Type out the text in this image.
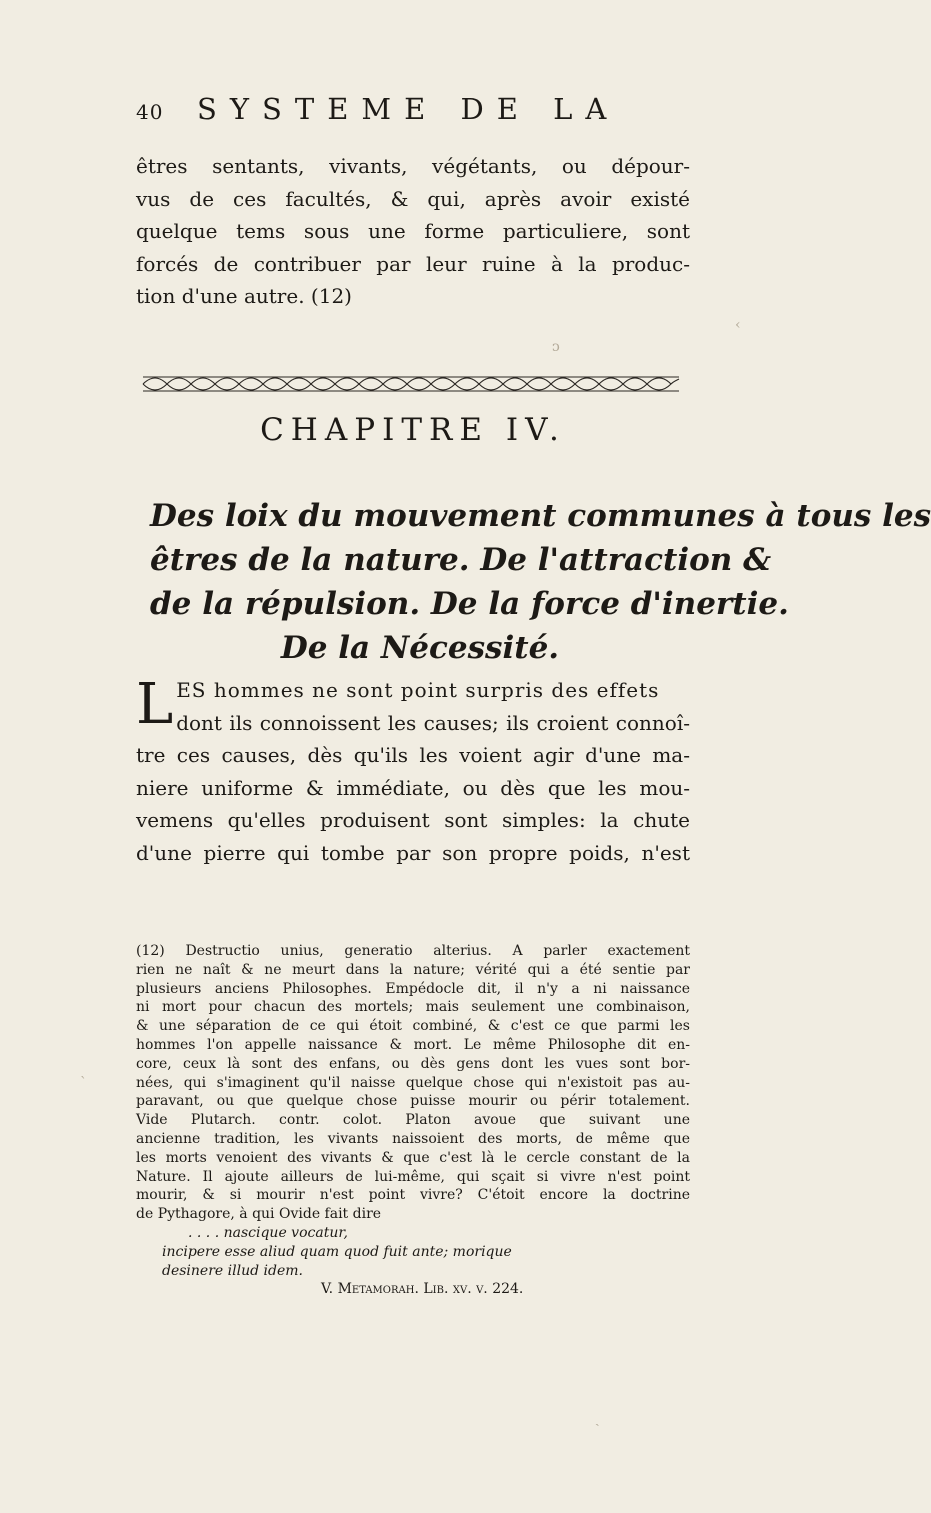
40 SYSTEME DE LA
êtres sentants, vivants, végétants, ou dépour-
vus de ces facultés, & qui, après avoir existé
quelque tems sous une forme particuliere, sont
forcés de contribuer par leur ruine à la produc-
tion d'une autre. (12)
CHAPITRE IV.
Des loix du mouvement communes à tous les
êtres de la nature. De l'attraction &
de la répulsion. De la force d'inertie.
De la Nécessité.
L ES hommes ne sont point surpris des effets
dont ils connoissent les causes; ils croient connoî-
tre ces causes, dès qu'ils les voient agir d'une ma-
niere uniforme & immédiate, ou dès que les mou-
vemens qu'elles produisent sont simples: la chute
d'une pierre qui tombe par son propre poids, n'est
(12) Destructio unius, generatio alterius. A parler exactement
rien ne naît & ne meurt dans la nature; vérité qui a été sentie par
plusieurs anciens Philosophes. Empédocle dit, il n'y a ni naissance
ni mort pour chacun des mortels; mais seulement une combinaison,
& une séparation de ce qui étoit combiné, & c'est ce que parmi les
hommes l'on appelle naissance & mort. Le même Philosophe dit en-
core, ceux là sont des enfans, ou dès gens dont les vues sont bor-
nées, qui s'imaginent qu'il naisse quelque chose qui n'existoit pas au-
paravant, ou que quelque chose puisse mourir ou périr totalement.
Vide Plutarch. contr. colot. Platon avoue que suivant une
ancienne tradition, les vivants naissoient des morts, de même que
les morts venoient des vivants & que c'est là le cercle constant de la
Nature. Il ajoute ailleurs de lui-même, qui sçait si vivre n'est point
mourir, & si mourir n'est point vivre? C'étoit encore la doctrine
de Pythagore, à qui Ovide fait dire
. . . . nascique vocatur,
incipere esse aliud quam quod fuit ante; morique
desinere illud idem.
V. Metamorah. Lib. xv. v. 224.
‹
ᴐ
ˋ
ˎ
